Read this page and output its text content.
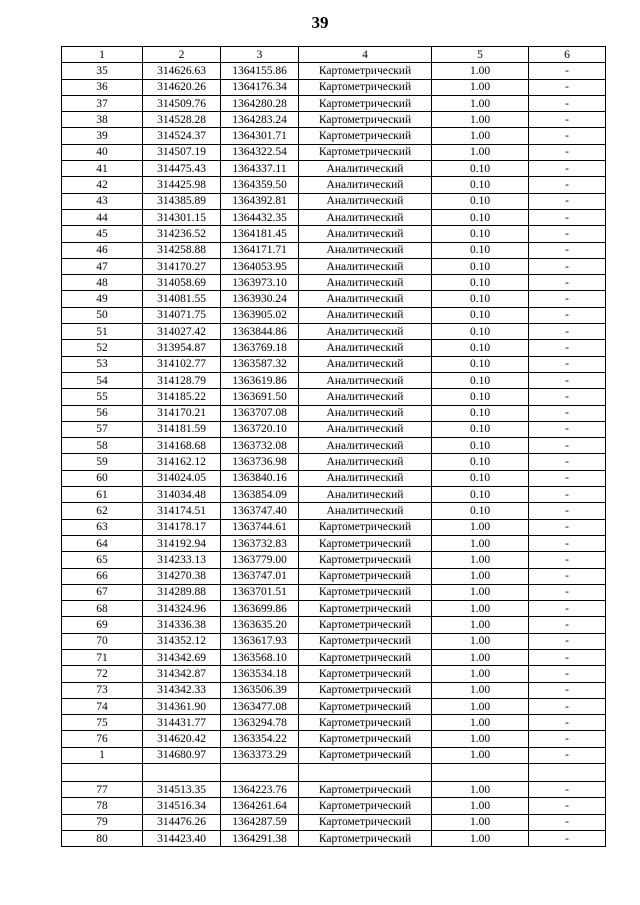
39
1	2	3	4	5	6
35	314626.63	1364155.86	Картометрический	1.00	-
36	314620.26	1364176.34	Картометрический	1.00	-
37	314509.76	1364280.28	Картометрический	1.00	-
38	314528.28	1364283.24	Картометрический	1.00	-
39	314524.37	1364301.71	Картометрический	1.00	-
40	314507.19	1364322.54	Картометрический	1.00	-
41	314475.43	1364337.11	Аналитический	0.10	-
42	314425.98	1364359.50	Аналитический	0.10	-
43	314385.89	1364392.81	Аналитический	0.10	-
44	314301.15	1364432.35	Аналитический	0.10	-
45	314236.52	1364181.45	Аналитический	0.10	-
46	314258.88	1364171.71	Аналитический	0.10	-
47	314170.27	1364053.95	Аналитический	0.10	-
48	314058.69	1363973.10	Аналитический	0.10	-
49	314081.55	1363930.24	Аналитический	0.10	-
50	314071.75	1363905.02	Аналитический	0.10	-
51	314027.42	1363844.86	Аналитический	0.10	-
52	313954.87	1363769.18	Аналитический	0.10	-
53	314102.77	1363587.32	Аналитический	0.10	-
54	314128.79	1363619.86	Аналитический	0.10	-
55	314185.22	1363691.50	Аналитический	0.10	-
56	314170.21	1363707.08	Аналитический	0.10	-
57	314181.59	1363720.10	Аналитический	0.10	-
58	314168.68	1363732.08	Аналитический	0.10	-
59	314162.12	1363736.98	Аналитический	0.10	-
60	314024.05	1363840.16	Аналитический	0.10	-
61	314034.48	1363854.09	Аналитический	0.10	-
62	314174.51	1363747.40	Аналитический	0.10	-
63	314178.17	1363744.61	Картометрический	1.00	-
64	314192.94	1363732.83	Картометрический	1.00	-
65	314233.13	1363779.00	Картометрический	1.00	-
66	314270.38	1363747.01	Картометрический	1.00	-
67	314289.88	1363701.51	Картометрический	1.00	-
68	314324.96	1363699.86	Картометрический	1.00	-
69	314336.38	1363635.20	Картометрический	1.00	-
70	314352.12	1363617.93	Картометрический	1.00	-
71	314342.69	1363568.10	Картометрический	1.00	-
72	314342.87	1363534.18	Картометрический	1.00	-
73	314342.33	1363506.39	Картометрический	1.00	-
74	314361.90	1363477.08	Картометрический	1.00	-
75	314431.77	1363294.78	Картометрический	1.00	-
76	314620.42	1363354.22	Картометрический	1.00	-
1	314680.97	1363373.29	Картометрический	1.00	-

77	314513.35	1364223.76	Картометрический	1.00	-
78	314516.34	1364261.64	Картометрический	1.00	-
79	314476.26	1364287.59	Картометрический	1.00	-
80	314423.40	1364291.38	Картометрический	1.00	-
